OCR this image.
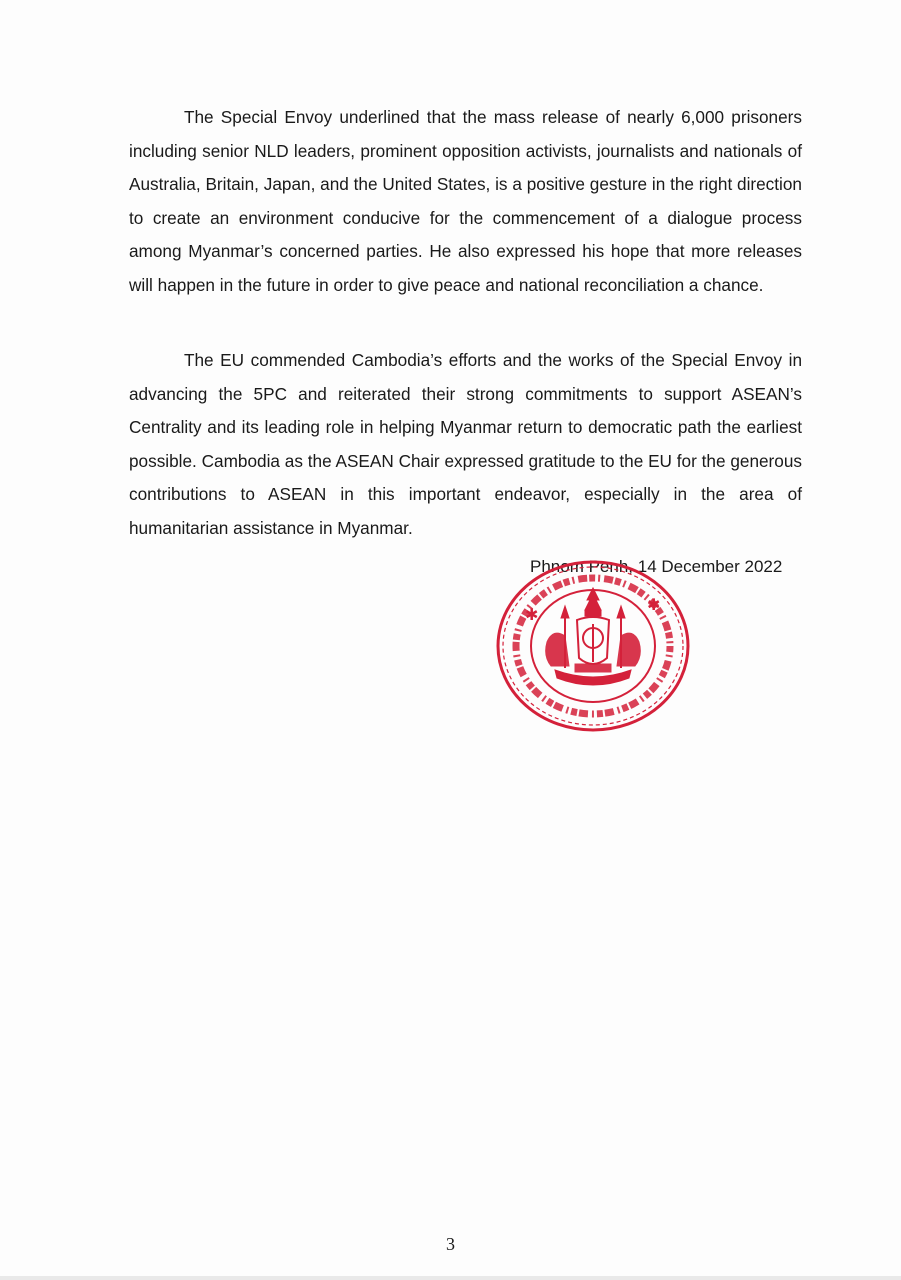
The Special Envoy underlined that the mass release of nearly 6,000 prisoners including senior NLD leaders, prominent opposition activists, journalists and nationals of Australia, Britain, Japan, and the United States, is a positive gesture in the right direction to create an environment conducive for the commencement of a dialogue process among Myanmar’s concerned parties. He also expressed his hope that more releases will happen in the future in order to give peace and national reconciliation a chance.

The EU commended Cambodia’s efforts and the works of the Special Envoy in advancing the 5PC and reiterated their strong commitments to support ASEAN’s Centrality and its leading role in helping Myanmar return to democratic path the earliest possible. Cambodia as the ASEAN Chair expressed gratitude to the EU for the generous contributions to ASEAN in this important endeavor, especially in the area of humanitarian assistance in Myanmar.

Phnom Penh, 14 December 2022
✱
✱
3
